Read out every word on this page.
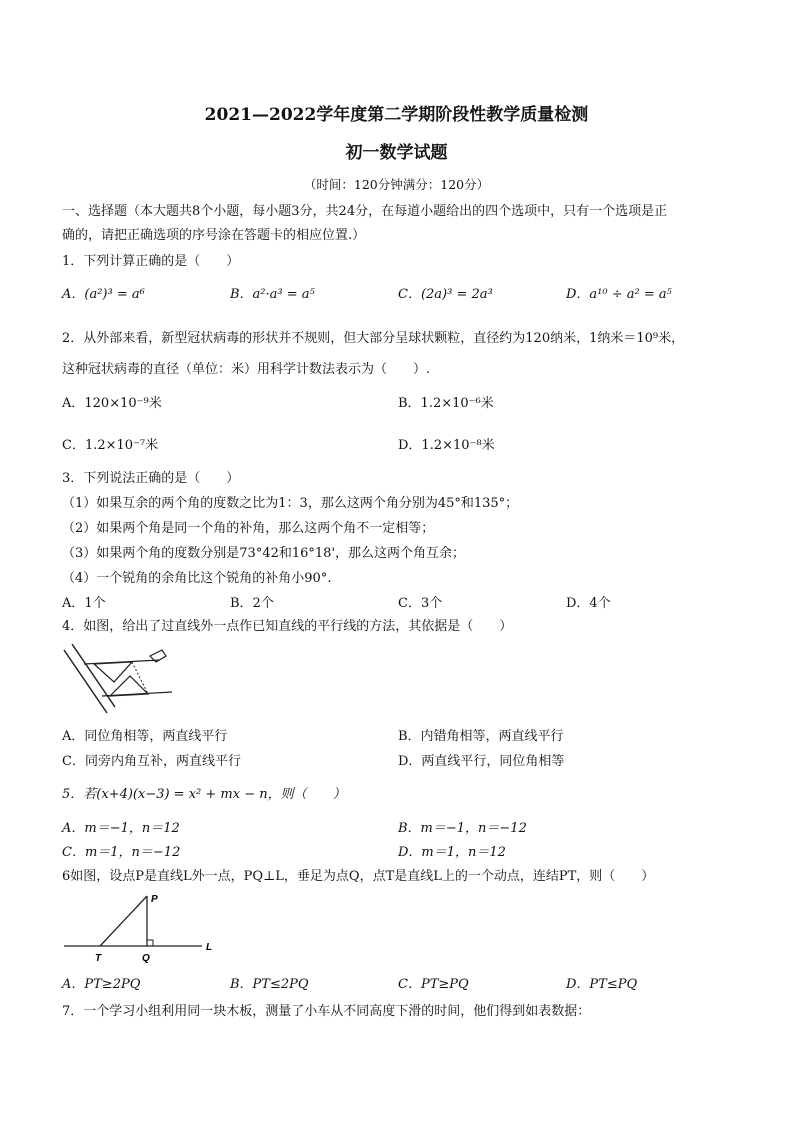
2021—2022学年度第二学期阶段性教学质量检测
初一数学试题
（时间：120分钟满分：120分）
一、选择题（本大题共8个小题，每小题3分，共24分，在每道小题给出的四个选项中，只有一个选项是正
确的，请把正确选项的序号涂在答题卡的相应位置.）
1．下列计算正确的是（　　）
A．(a²)³ = a⁶	B．a²·a³ = a⁵	C．(2a)³ = 2a³	D．a¹⁰ ÷ a² = a⁵
2．从外部来看，新型冠状病毒的形状并不规则，但大部分呈球状颗粒，直径约为120纳米，1纳米＝10⁹米，
这种冠状病毒的直径（单位：米）用科学计数法表示为（　　）.
A．120×10⁻⁹米	B．1.2×10⁻⁶米
C．1.2×10⁻⁷米	D．1.2×10⁻⁸米
3．下列说法正确的是（　　）
（1）如果互余的两个角的度数之比为1：3，那么这两个角分别为45°和135°；
（2）如果两个角是同一个角的补角，那么这两个角不一定相等；
（3）如果两个角的度数分别是73°42和16°18'，那么这两个角互余；
（4）一个锐角的余角比这个锐角的补角小90°.
A．1个	B．2个	C．3个	D．4个
4．如图，给出了过直线外一点作已知直线的平行线的方法，其依据是（　　）
A．同位角相等，两直线平行	B．内错角相等，两直线平行
C．同旁内角互补，两直线平行	D．两直线平行，同位角相等
5．若(x+4)(x−3) = x² + mx − n，则（　　）
A．m＝−1，n＝12	B．m＝−1，n＝−12
C．m＝1，n＝−12	D．m＝1，n＝12
6如图，设点P是直线L外一点，PQ⊥L，垂足为点Q，点T是直线L上的一个动点，连结PT，则（　　）
P
T	Q
L
A．PT≥2PQ	B．PT≤2PQ	C．PT≥PQ	D．PT≤PQ
7．一个学习小组利用同一块木板，测量了小车从不同高度下滑的时间，他们得到如表数据：
